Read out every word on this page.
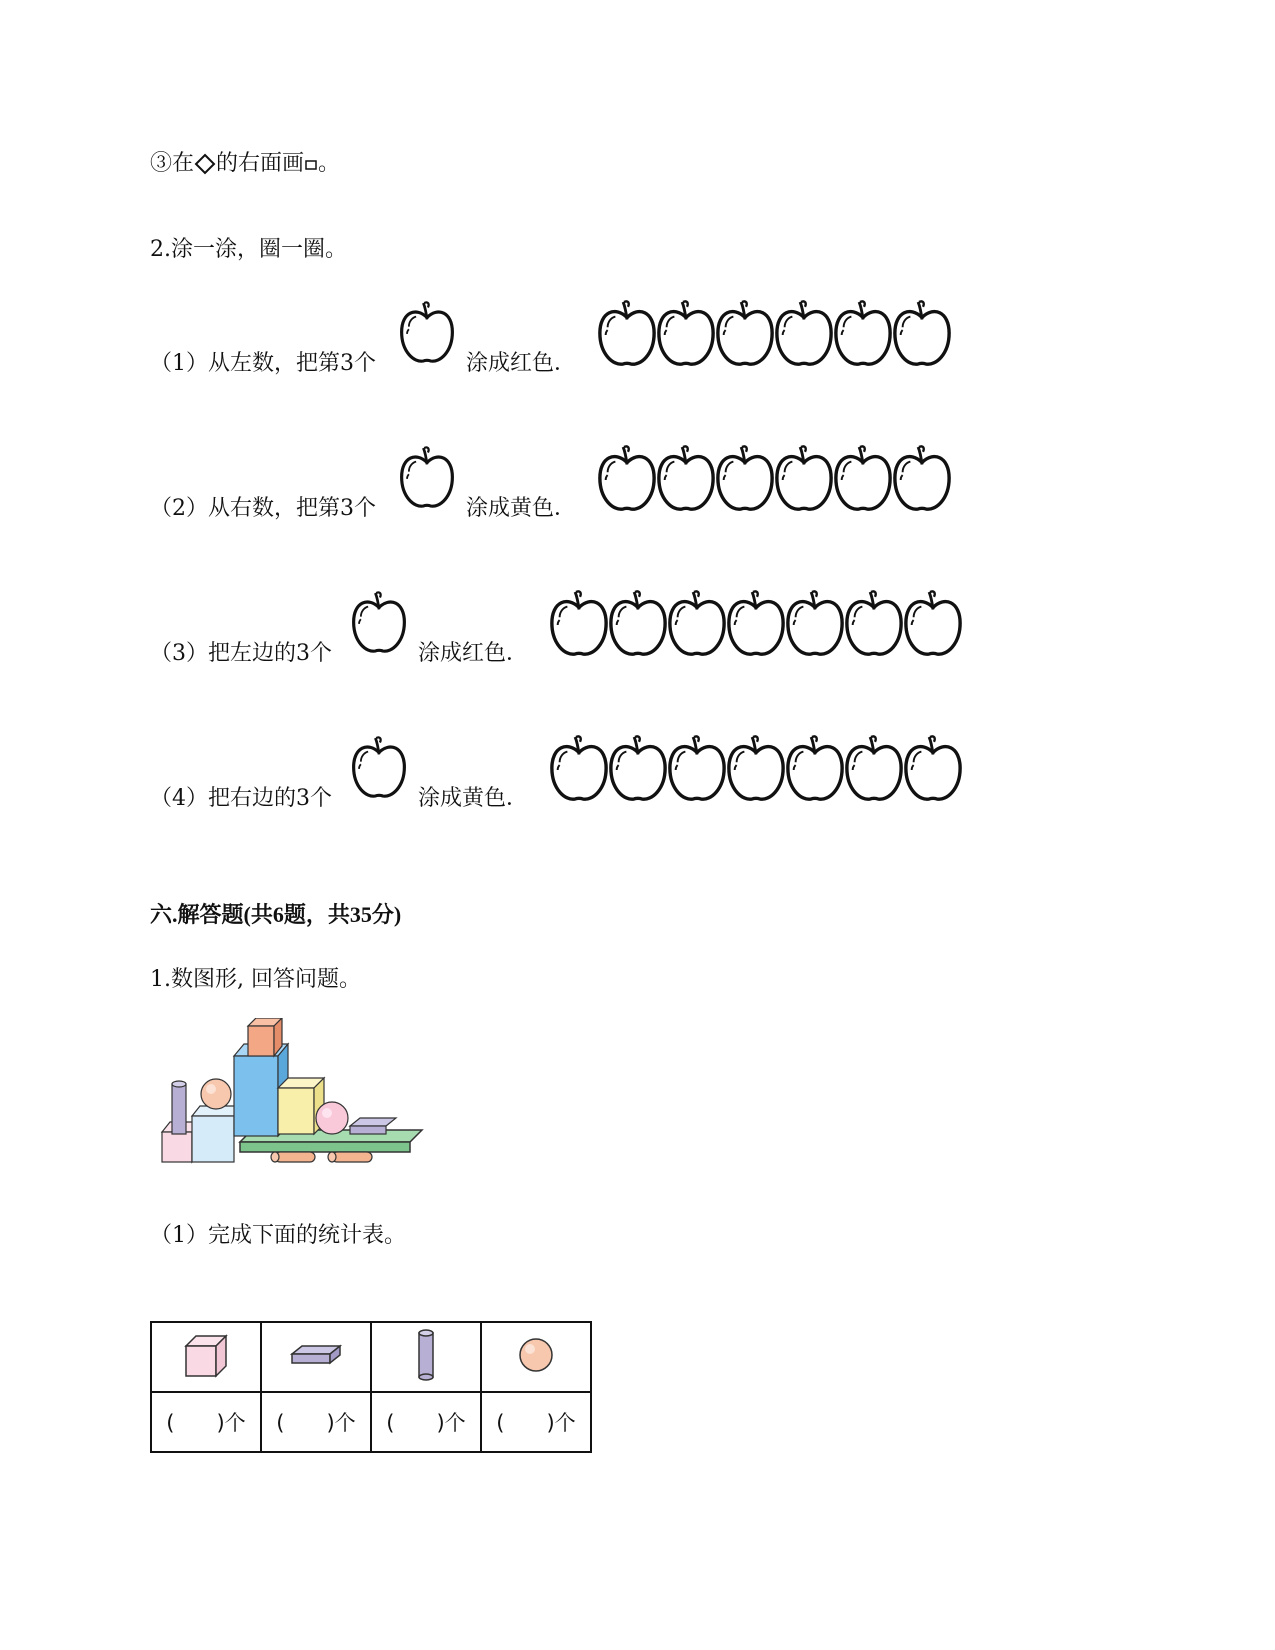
③在 的右面画 。
2.涂一涂，圈一圈。
（1）从左数，把第3个	涂成红色．
（2）从右数，把第3个	涂成黄色．
（3）把左边的3个	涂成红色．
（4）把右边的3个	涂成黄色．
六.解答题(共6题，共35分)
1.数图形, 回答问题。
（1）完成下面的统计表。

(　　)个	(　　)个	(　　)个	(　　)个
